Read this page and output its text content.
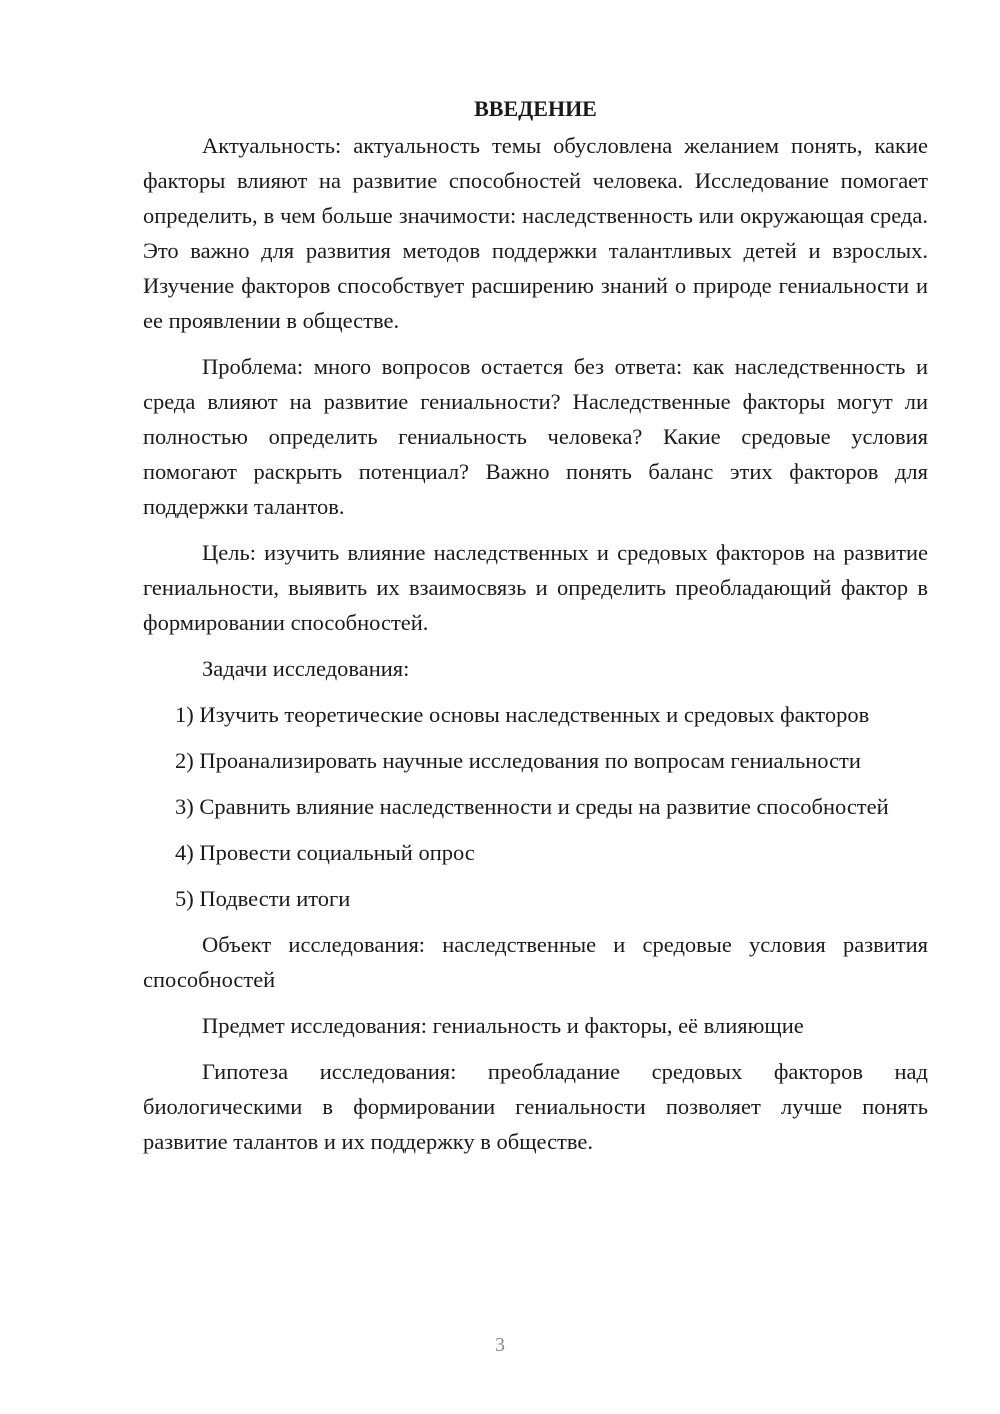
ВВЕДЕНИЕ

Актуальность: актуальность темы обусловлена желанием понять, какие факторы влияют на развитие способностей человека. Исследование помогает определить, в чем больше значимости: наследственность или окружающая среда. Это важно для развития методов поддержки талантливых детей и взрослых. Изучение факторов способствует расширению знаний о природе гениальности и ее проявлении в обществе.

Проблема: много вопросов остается без ответа: как наследственность и среда влияют на развитие гениальности? Наследственные факторы могут ли полностью определить гениальность человека? Какие средовые условия помогают раскрыть потенциал? Важно понять баланс этих факторов для поддержки талантов.

Цель: изучить влияние наследственных и средовых факторов на развитие гениальности, выявить их взаимосвязь и определить преобладающий фактор в формировании способностей.

Задачи исследования:

1) Изучить теоретические основы наследственных и средовых факторов

2) Проанализировать научные исследования по вопросам гениальности

3) Сравнить влияние наследственности и среды на развитие способностей

4) Провести социальный опрос

5) Подвести итоги

Объект исследования: наследственные и средовые условия развития способностей

Предмет исследования: гениальность и факторы, её влияющие

Гипотеза исследования: преобладание средовых факторов над биологическими в формировании гениальности позволяет лучше понять развитие талантов и их поддержку в обществе.

3
